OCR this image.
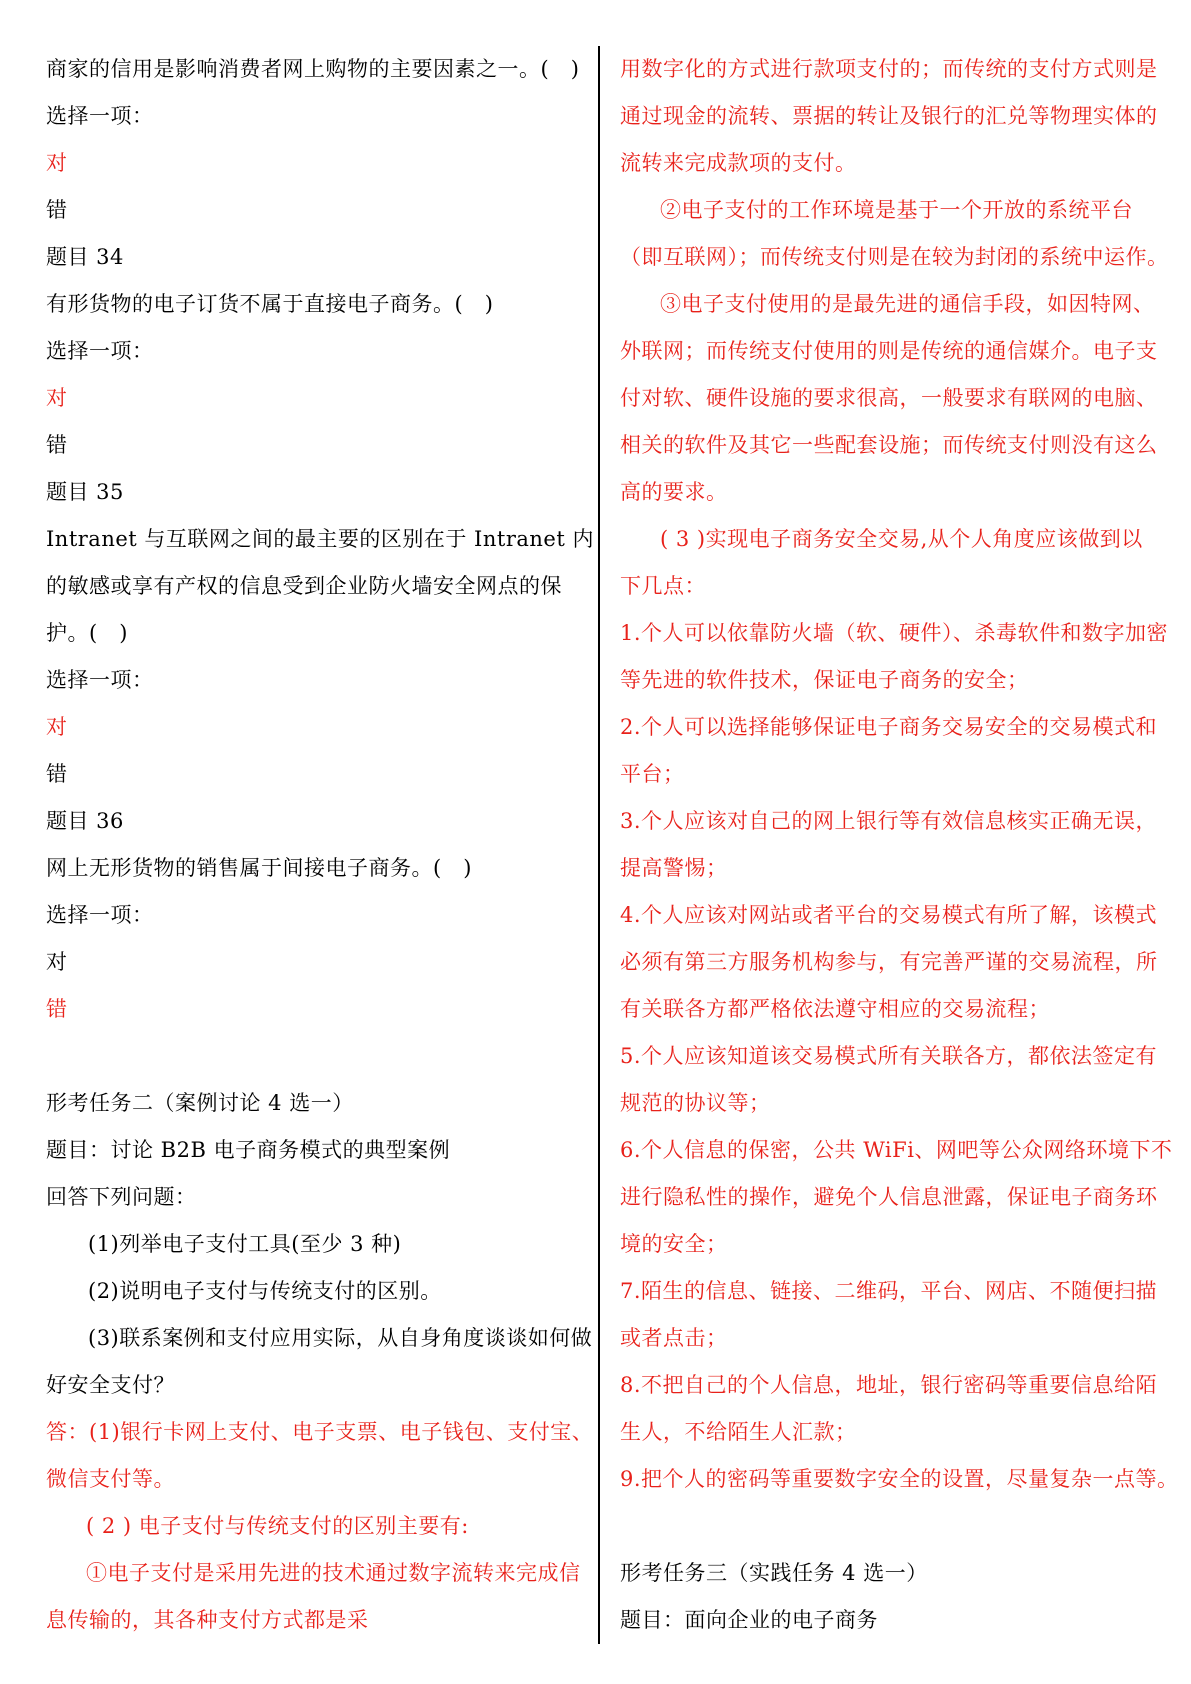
商家的信用是影响消费者网上购物的主要因素之一。(　)
选择一项：
对
错
题目 34
有形货物的电子订货不属于直接电子商务。(　)
选择一项：
对
错
题目 35
Intranet 与互联网之间的最主要的区别在于 Intranet 内
的敏感或享有产权的信息受到企业防火墙安全网点的保
护。(　)
选择一项：
对
错
题目 36
网上无形货物的销售属于间接电子商务。(　)
选择一项：
对
错
形考任务二（案例讨论 4 选一）
题目：讨论 B2B 电子商务模式的典型案例
回答下列问题：
(1)列举电子支付工具(至少 3 种)
(2)说明电子支付与传统支付的区别。
(3)联系案例和支付应用实际，从自身角度谈谈如何做
好安全支付？
答：(1)银行卡网上支付、电子支票、电子钱包、支付宝、
微信支付等。
( 2 ) 电子支付与传统支付的区别主要有:
①电子支付是采用先进的技术通过数字流转来完成信
息传输的，其各种支付方式都是采
用数字化的方式进行款项支付的；而传统的支付方式则是
通过现金的流转、票据的转让及银行的汇兑等物理实体的
流转来完成款项的支付。
②电子支付的工作环境是基于一个开放的系统平台
（即互联网）；而传统支付则是在较为封闭的系统中运作。
③电子支付使用的是最先进的通信手段，如因特网、
外联网；而传统支付使用的则是传统的通信媒介。电子支
付对软、硬件设施的要求很高，一般要求有联网的电脑、
相关的软件及其它一些配套设施；而传统支付则没有这么
高的要求。
( 3 )实现电子商务安全交易,从个人角度应该做到以
下几点：
1.个人可以依靠防火墙（软、硬件）、杀毒软件和数字加密
等先进的软件技术，保证电子商务的安全；
2.个人可以选择能够保证电子商务交易安全的交易模式和
平台；
3.个人应该对自己的网上银行等有效信息核实正确无误，
提高警惕；
4.个人应该对网站或者平台的交易模式有所了解，该模式
必须有第三方服务机构参与，有完善严谨的交易流程，所
有关联各方都严格依法遵守相应的交易流程；
5.个人应该知道该交易模式所有关联各方，都依法签定有
规范的协议等；
6.个人信息的保密，公共 WiFi、网吧等公众网络环境下不
进行隐私性的操作，避免个人信息泄露，保证电子商务环
境的安全；
7.陌生的信息、链接、二维码，平台、网店、不随便扫描
或者点击；
8.不把自己的个人信息，地址，银行密码等重要信息给陌
生人，不给陌生人汇款；
9.把个人的密码等重要数字安全的设置，尽量复杂一点等。
形考任务三（实践任务 4 选一）
题目：面向企业的电子商务
